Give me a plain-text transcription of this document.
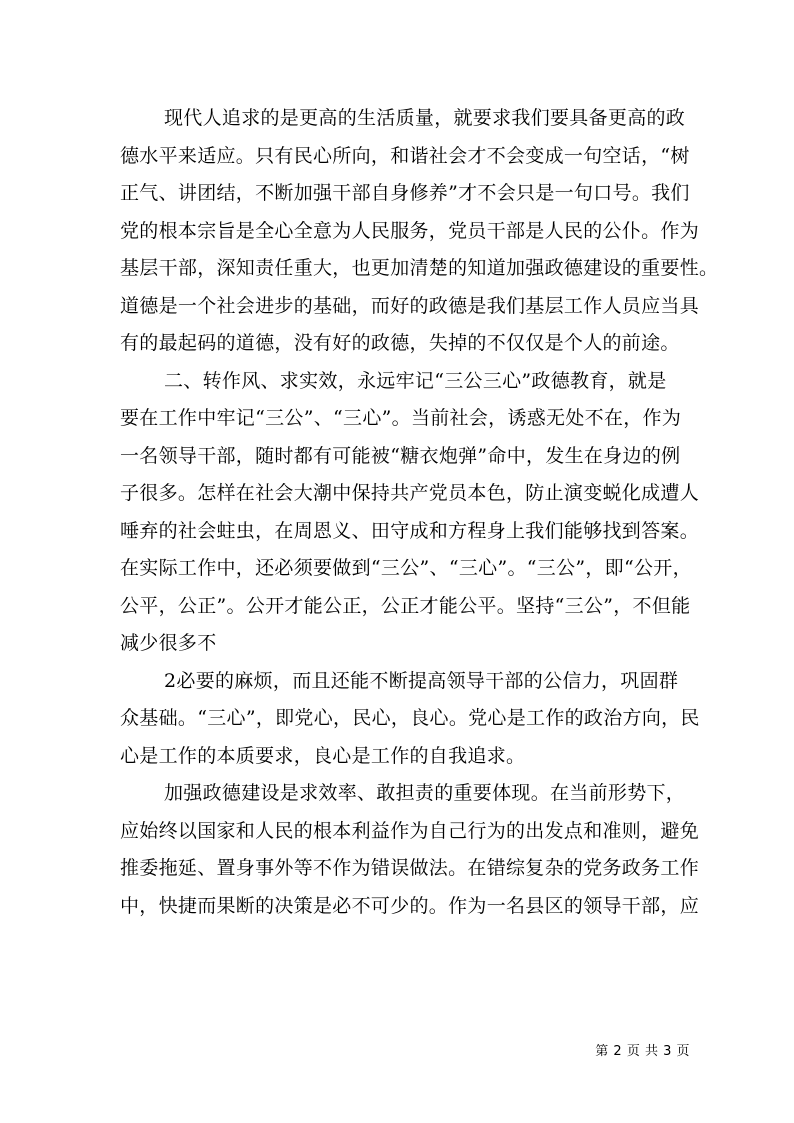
现代人追求的是更高的生活质量，就要求我们要具备更高的政
德水平来适应。只有民心所向，和谐社会才不会变成一句空话，“树
正气、讲团结，不断加强干部自身修养”才不会只是一句口号。我们
党的根本宗旨是全心全意为人民服务，党员干部是人民的公仆。作为
基层干部，深知责任重大，也更加清楚的知道加强政德建设的重要性。
道德是一个社会进步的基础，而好的政德是我们基层工作人员应当具
有的最起码的道德，没有好的政德，失掉的不仅仅是个人的前途。
二、转作风、求实效，永远牢记“三公三心”政德教育，就是
要在工作中牢记“三公”、“三心”。当前社会，诱惑无处不在，作为
一名领导干部，随时都有可能被“糖衣炮弹”命中，发生在身边的例
子很多。怎样在社会大潮中保持共产党员本色，防止演变蜕化成遭人
唾弃的社会蛀虫，在周恩义、田守成和方程身上我们能够找到答案。
在实际工作中，还必须要做到“三公”、“三心”。“三公”，即“公开，
公平，公正”。公开才能公正，公正才能公平。坚持“三公”，不但能
减少很多不
2必要的麻烦，而且还能不断提高领导干部的公信力，巩固群
众基础。“三心”，即党心，民心，良心。党心是工作的政治方向，民
心是工作的本质要求，良心是工作的自我追求。
加强政德建设是求效率、敢担责的重要体现。在当前形势下，
应始终以国家和人民的根本利益作为自己行为的出发点和准则，避免
推委拖延、置身事外等不作为错误做法。在错综复杂的党务政务工作
中，快捷而果断的决策是必不可少的。作为一名县区的领导干部，应
第 2 页 共 3 页
